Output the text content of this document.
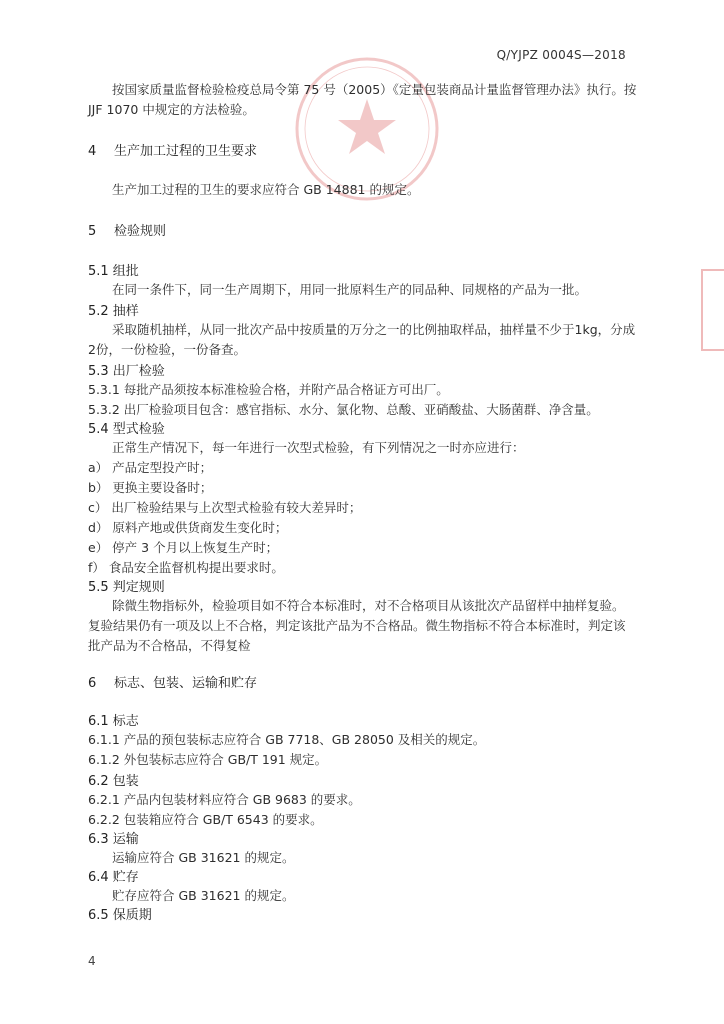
Q/YJPZ 0004S—2018
按国家质量监督检验检疫总局令第 75 号（2005）《定量包装商品计量监督管理办法》执行。按
JJF 1070 中规定的方法检验。
4 生产加工过程的卫生要求
生产加工过程的卫生的要求应符合 GB 14881 的规定。
5 检验规则
5.1 组批
在同一条件下，同一生产周期下，用同一批原料生产的同品种、同规格的产品为一批。
5.2 抽样
采取随机抽样，从同一批次产品中按质量的万分之一的比例抽取样品，抽样量不少于1kg，分成
2份，一份检验，一份备查。
5.3 出厂检验
5.3.1 每批产品须按本标准检验合格，并附产品合格证方可出厂。
5.3.2 出厂检验项目包含：感官指标、水分、氯化物、总酸、亚硝酸盐、大肠菌群、净含量。
5.4 型式检验
正常生产情况下，每一年进行一次型式检验，有下列情况之一时亦应进行：
a） 产品定型投产时；
b） 更换主要设备时；
c） 出厂检验结果与上次型式检验有较大差异时；
d） 原料产地或供货商发生变化时；
e） 停产 3 个月以上恢复生产时；
f） 食品安全监督机构提出要求时。
5.5 判定规则
除微生物指标外，检验项目如不符合本标准时，对不合格项目从该批次产品留样中抽样复验。
复验结果仍有一项及以上不合格，判定该批产品为不合格品。微生物指标不符合本标准时，判定该
批产品为不合格品，不得复检
6 标志、包装、运输和贮存
6.1 标志
6.1.1 产品的预包装标志应符合 GB 7718、GB 28050 及相关的规定。
6.1.2 外包装标志应符合 GB/T 191 规定。
6.2 包装
6.2.1 产品内包装材料应符合 GB 9683 的要求。
6.2.2 包装箱应符合 GB/T 6543 的要求。
6.3 运输
运输应符合 GB 31621 的规定。
6.4 贮存
贮存应符合 GB 31621 的规定。
6.5 保质期
4
